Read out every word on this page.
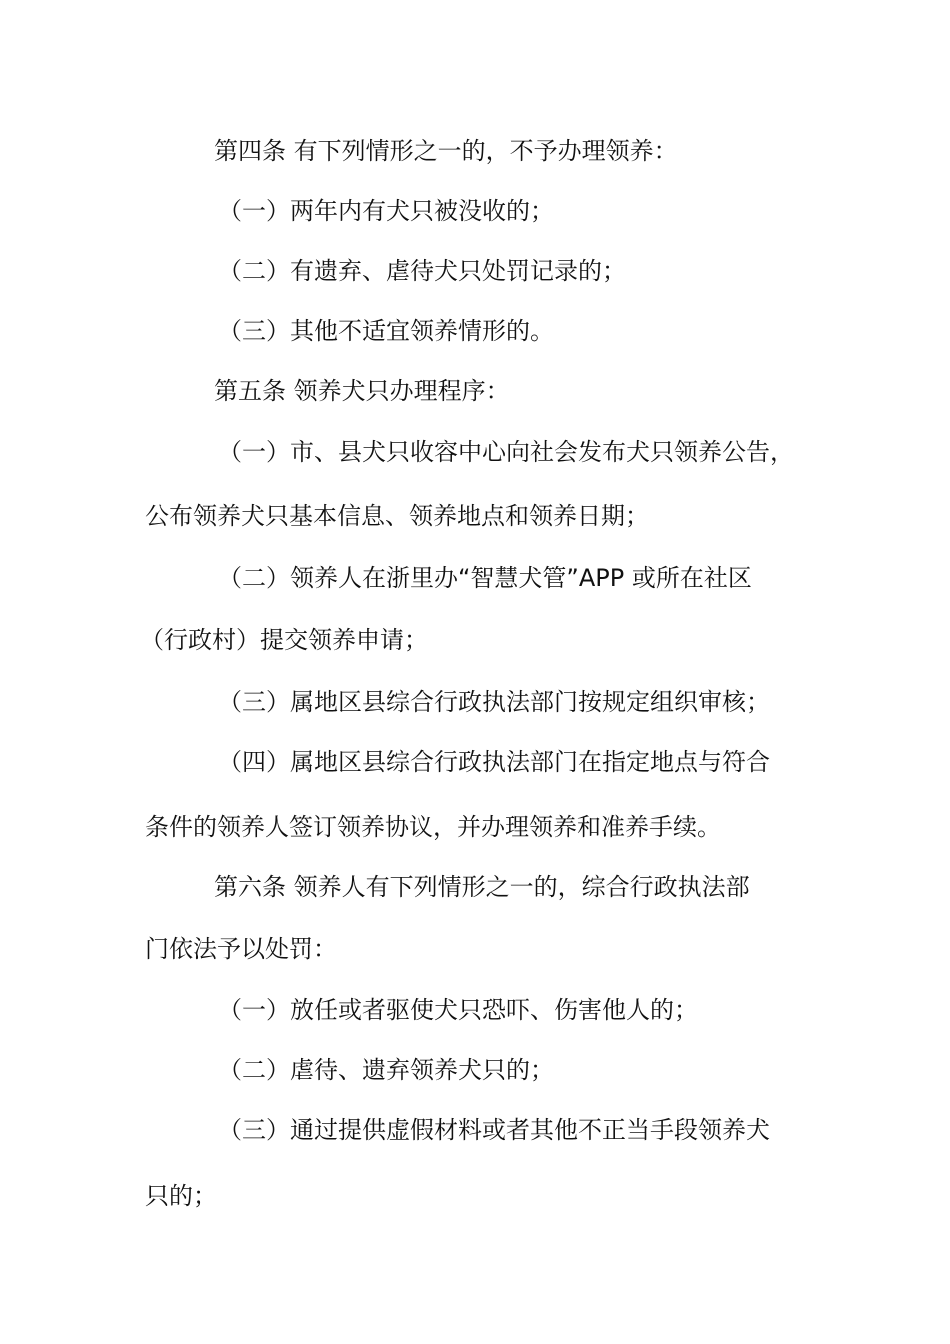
第四条 有下列情形之一的，不予办理领养：
（一）两年内有犬只被没收的；
（二）有遗弃、虐待犬只处罚记录的；
（三）其他不适宜领养情形的。
第五条 领养犬只办理程序：
（一）市、县犬只收容中心向社会发布犬只领养公告，
公布领养犬只基本信息、领养地点和领养日期；
（二）领养人在浙里办“智慧犬管”APP 或所在社区
（行政村）提交领养申请；
（三）属地区县综合行政执法部门按规定组织审核；
（四）属地区县综合行政执法部门在指定地点与符合
条件的领养人签订领养协议，并办理领养和准养手续。
第六条 领养人有下列情形之一的，综合行政执法部
门依法予以处罚：
（一）放任或者驱使犬只恐吓、伤害他人的；
（二）虐待、遗弃领养犬只的；
（三）通过提供虚假材料或者其他不正当手段领养犬
只的；
